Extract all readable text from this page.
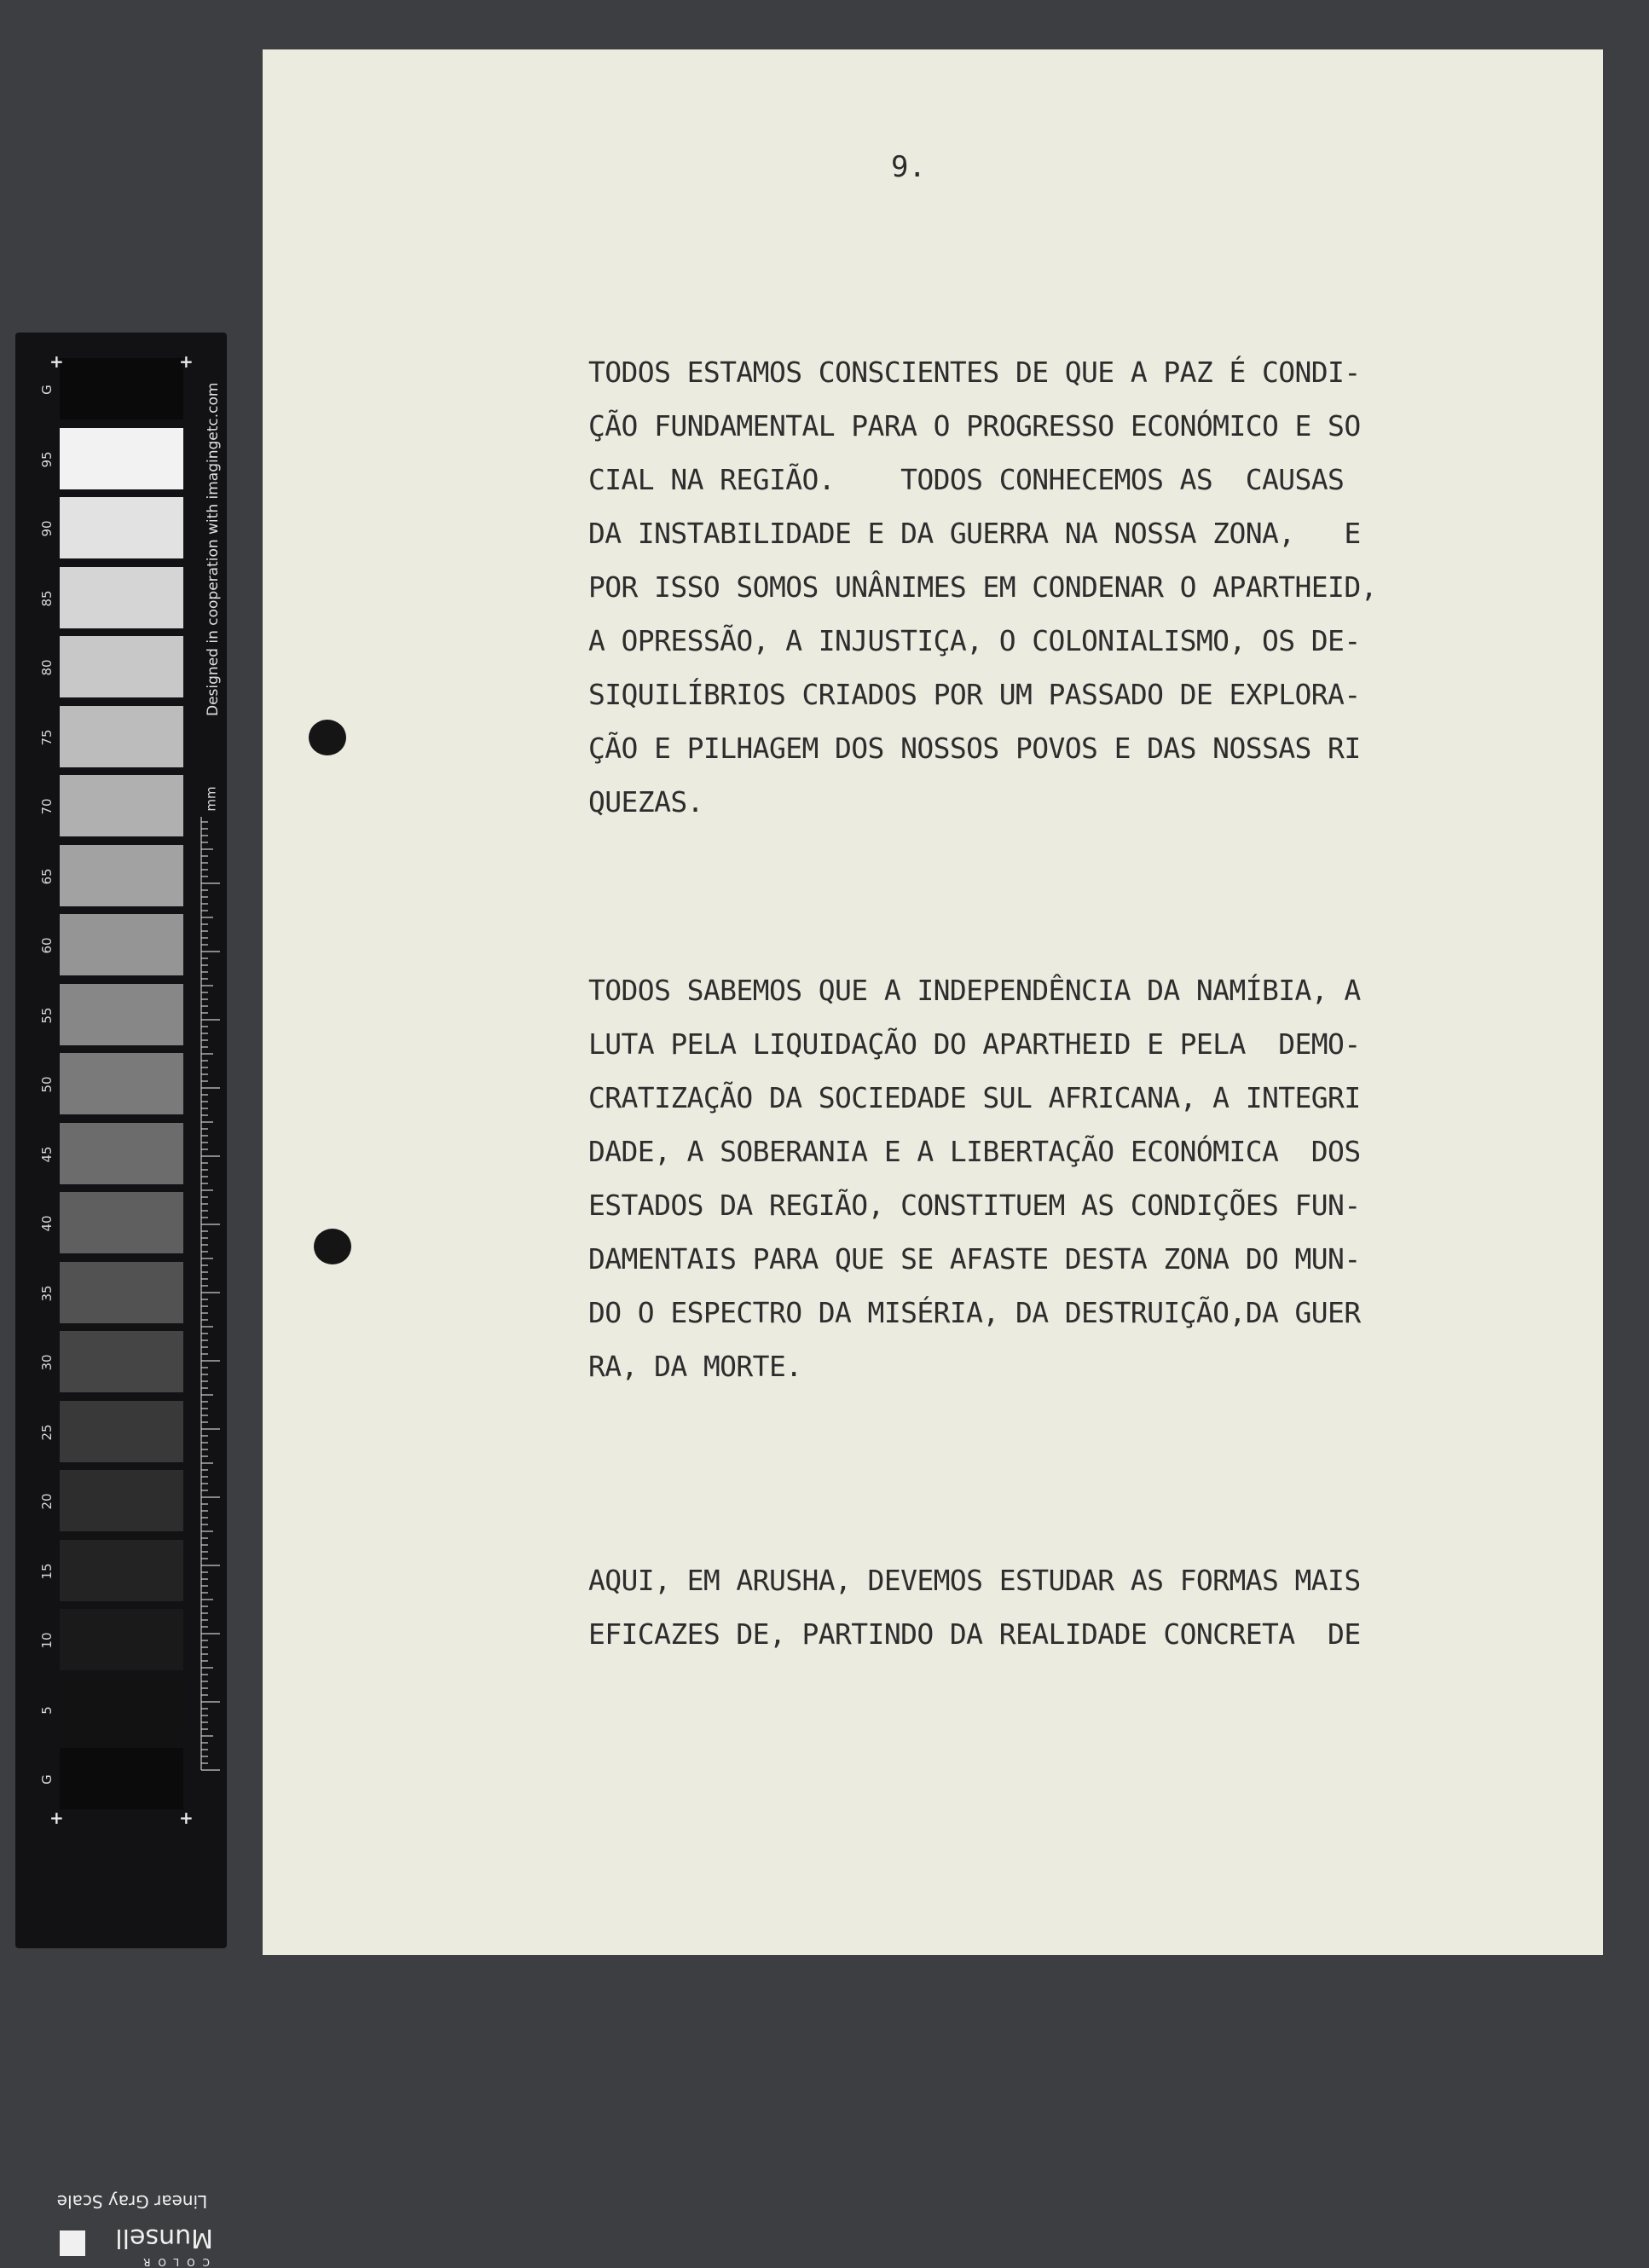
G
95
90
85
80
75
70
65
60
55
50
45
40
35
30
25
20
15
10
5
G
+	+
+	+
Linear Gray Scale
COLOR
Munsell
Designed in cooperation with imagingetc.com
mm
9.
TODOS ESTAMOS CONSCIENTES DE QUE A PAZ É CONDI-
ÇÃO FUNDAMENTAL PARA O PROGRESSO ECONÓMICO E SO
CIAL NA REGIÃO.    TODOS CONHECEMOS AS  CAUSAS
DA INSTABILIDADE E DA GUERRA NA NOSSA ZONA,   E
POR ISSO SOMOS UNÂNIMES EM CONDENAR O APARTHEID,
A OPRESSÃO, A INJUSTIÇA, O COLONIALISMO, OS DE-
SIQUILÍBRIOS CRIADOS POR UM PASSADO DE EXPLORA-
ÇÃO E PILHAGEM DOS NOSSOS POVOS E DAS NOSSAS RI
QUEZAS.
TODOS SABEMOS QUE A INDEPENDÊNCIA DA NAMÍBIA, A
LUTA PELA LIQUIDAÇÃO DO APARTHEID E PELA  DEMO-
CRATIZAÇÃO DA SOCIEDADE SUL AFRICANA, A INTEGRI
DADE, A SOBERANIA E A LIBERTAÇÃO ECONÓMICA  DOS
ESTADOS DA REGIÃO, CONSTITUEM AS CONDIÇÕES FUN-
DAMENTAIS PARA QUE SE AFASTE DESTA ZONA DO MUN-
DO O ESPECTRO DA MISÉRIA, DA DESTRUIÇÃO,DA GUER
RA, DA MORTE.
AQUI, EM ARUSHA, DEVEMOS ESTUDAR AS FORMAS MAIS
EFICAZES DE, PARTINDO DA REALIDADE CONCRETA  DE
